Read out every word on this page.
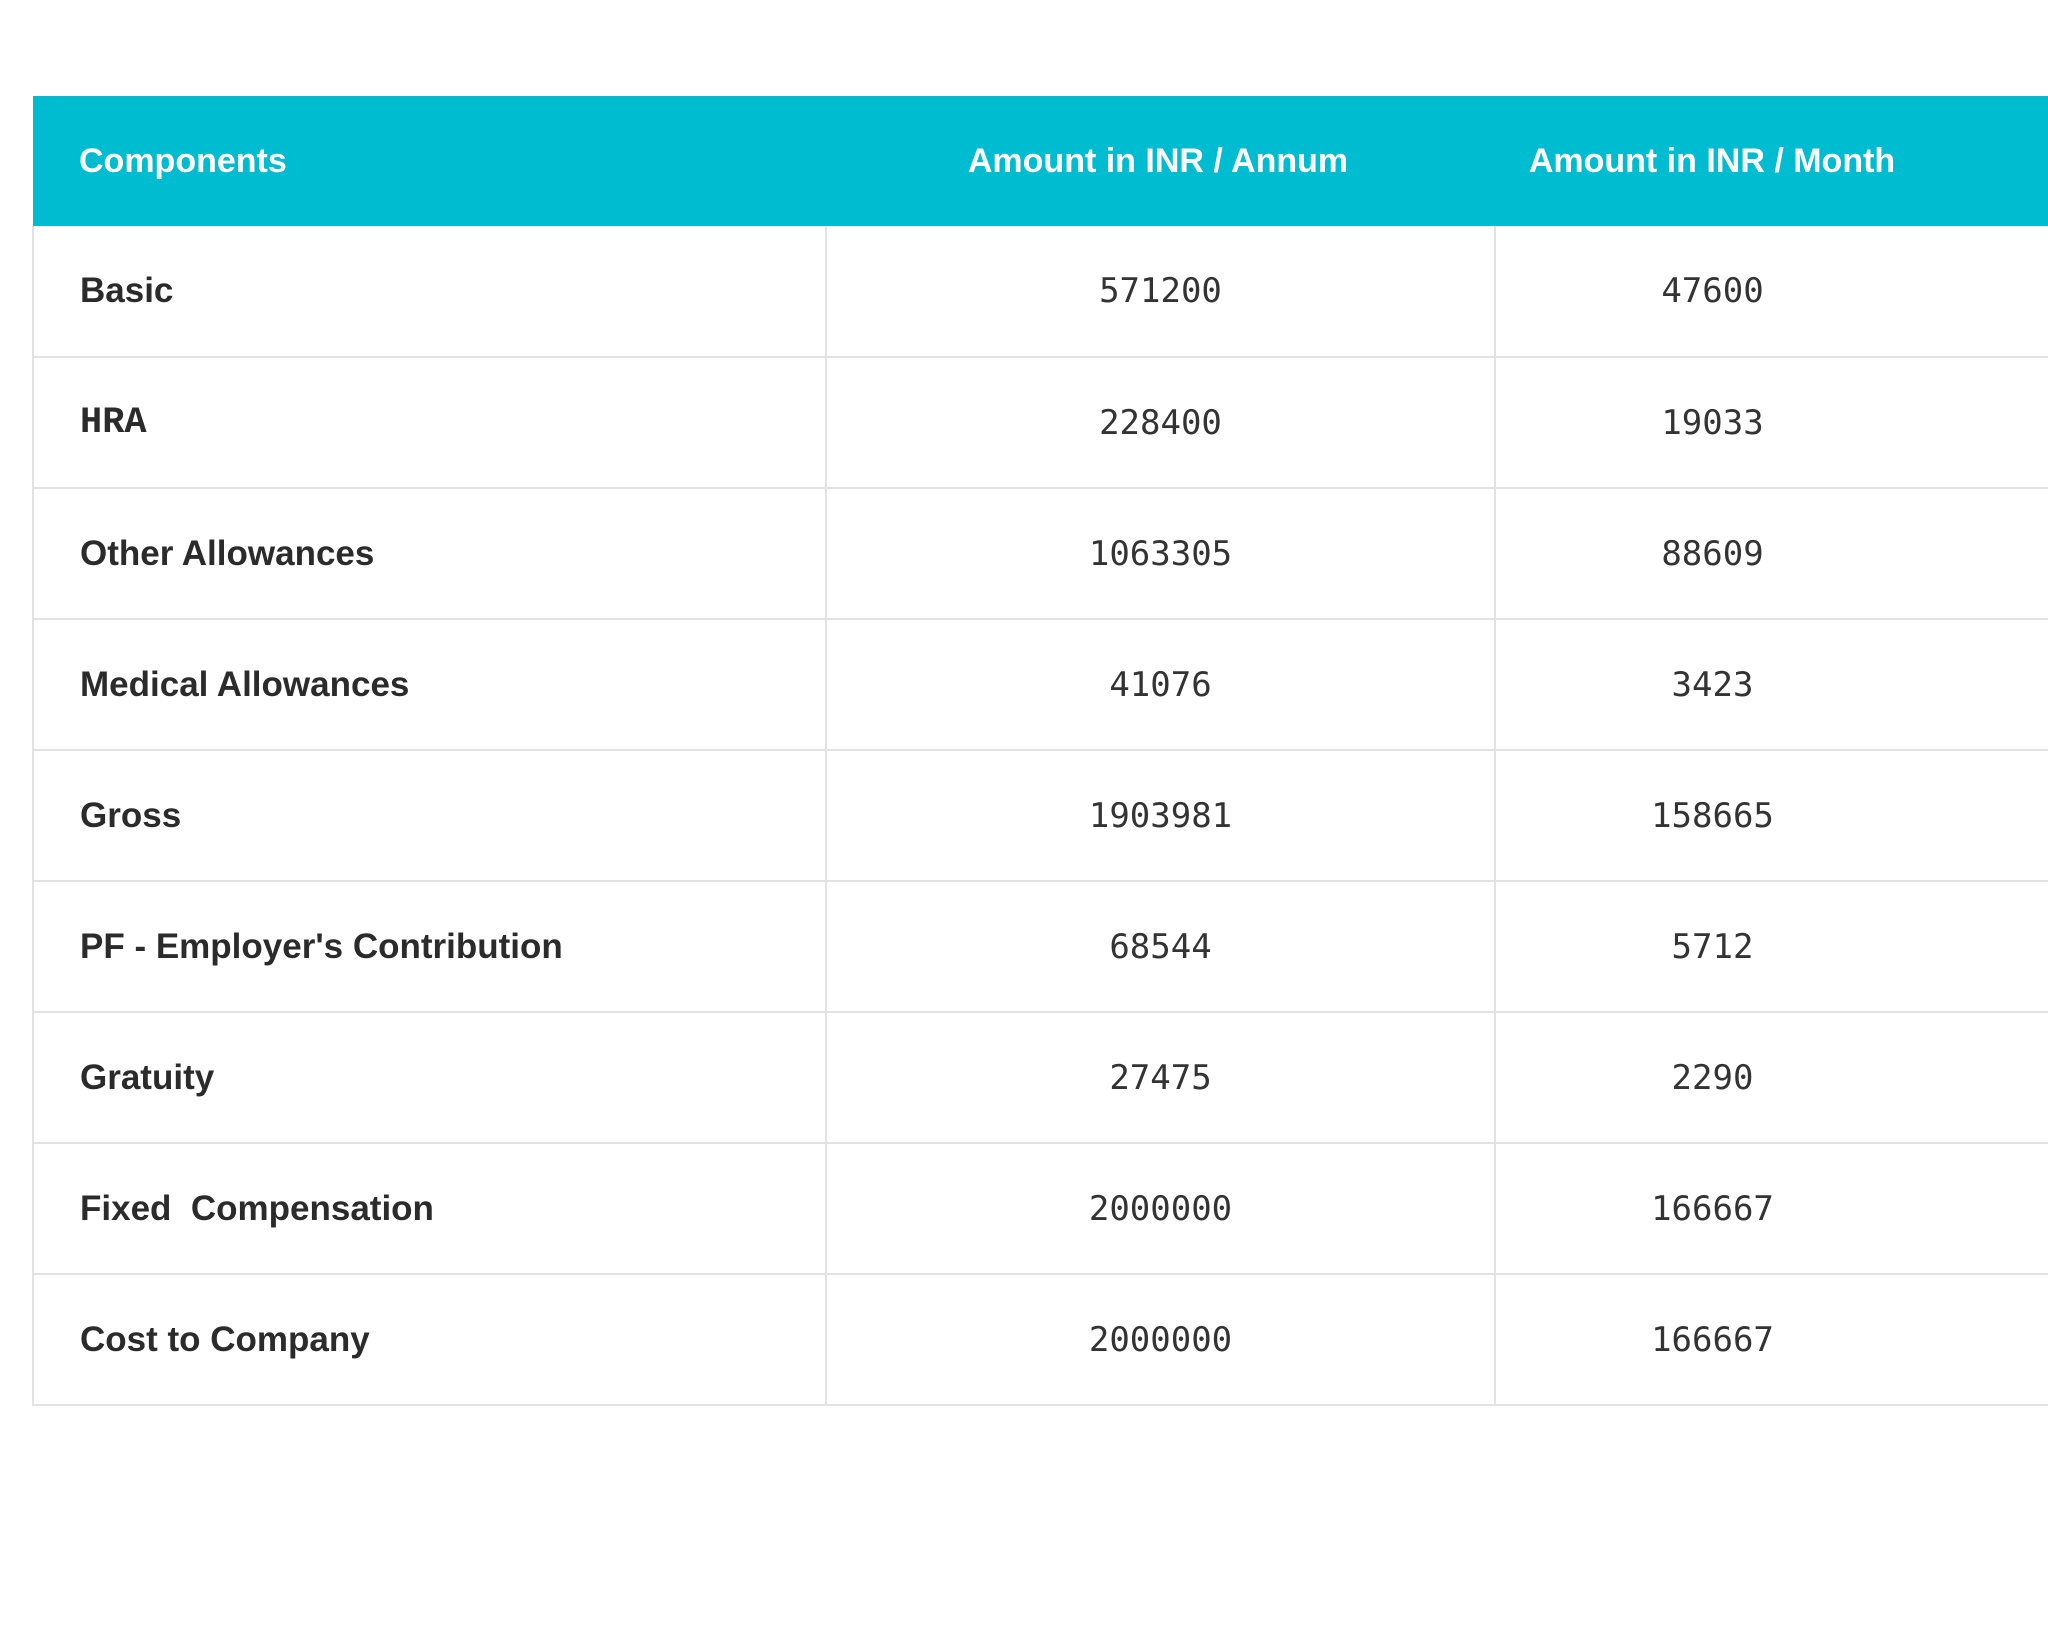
Components	Amount in INR / Annum	Amount in INR / Month
Basic	571200	47600
HRA	228400	19033
Other Allowances	1063305	88609
Medical Allowances	41076	3423
Gross	1903981	158665
PF - Employer's Contribution	68544	5712
Gratuity	27475	2290
Fixed  Compensation	2000000	166667
Cost to Company	2000000	166667
